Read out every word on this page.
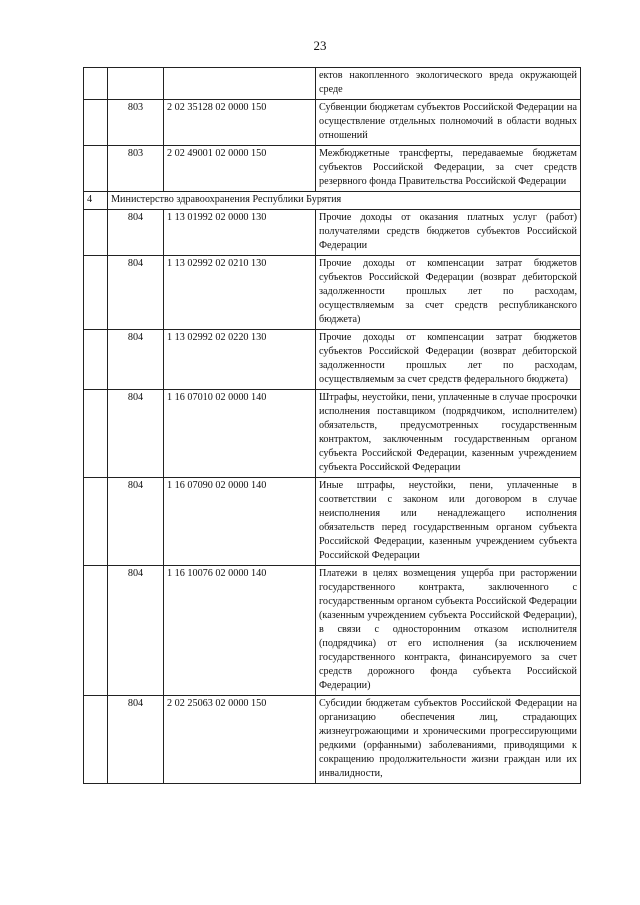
23
			ектов накопленного экологического вреда окружающей среде
	803	2 02 35128 02 0000 150	Субвенции бюджетам субъектов Российской Федерации на осуществление отдельных полномочий в области водных отношений
	803	2 02 49001 02 0000 150	Межбюджетные трансферты, передаваемые бюджетам субъектов Российской Федерации, за счет средств резервного фонда Правительства Российской Федерации
4	Министерство здравоохранения Республики Бурятия		
	804	1 13 01992 02 0000 130	Прочие доходы от оказания платных услуг (работ) получателями средств бюджетов субъектов Российской Федерации
	804	1 13 02992 02 0210 130	Прочие доходы от компенсации затрат бюджетов субъектов Российской Федерации (возврат дебиторской задолженности прошлых лет по расходам, осуществляемым за счет средств республиканского бюджета)
	804	1 13 02992 02 0220 130	Прочие доходы от компенсации затрат бюджетов субъектов Российской Федерации (возврат дебиторской задолженности прошлых лет по расходам, осуществляемым за счет средств федерального бюджета)
	804	1 16 07010 02 0000 140	Штрафы, неустойки, пени, уплаченные в случае просрочки исполнения поставщиком (подрядчиком, исполнителем) обязательств, предусмотренных государственным контрактом, заключенным государственным органом субъекта Российской Федерации, казенным учреждением субъекта Российской Федерации
	804	1 16 07090 02 0000 140	Иные штрафы, неустойки, пени, уплаченные в соответствии с законом или договором в случае неисполнения или ненадлежащего исполнения обязательств перед государственным органом субъекта Российской Федерации, казенным учреждением субъекта Российской Федерации
	804	1 16 10076 02 0000 140	Платежи в целях возмещения ущерба при расторжении государственного контракта, заключенного с государственным органом субъекта Российской Федерации (казенным учреждением субъекта Российской Федерации), в связи с односторонним отказом исполнителя (подрядчика) от его исполнения (за исключением государственного контракта, финансируемого за счет средств дорожного фонда субъекта Российской Федерации)
	804	2 02 25063 02 0000 150	Субсидии бюджетам субъектов Российской Федерации на организацию обеспечения лиц, страдающих жизнеугрожающими и хроническими прогрессирующими редкими (орфанными) заболеваниями, приводящими к сокращению продолжительности жизни граждан или их инвалидности,
